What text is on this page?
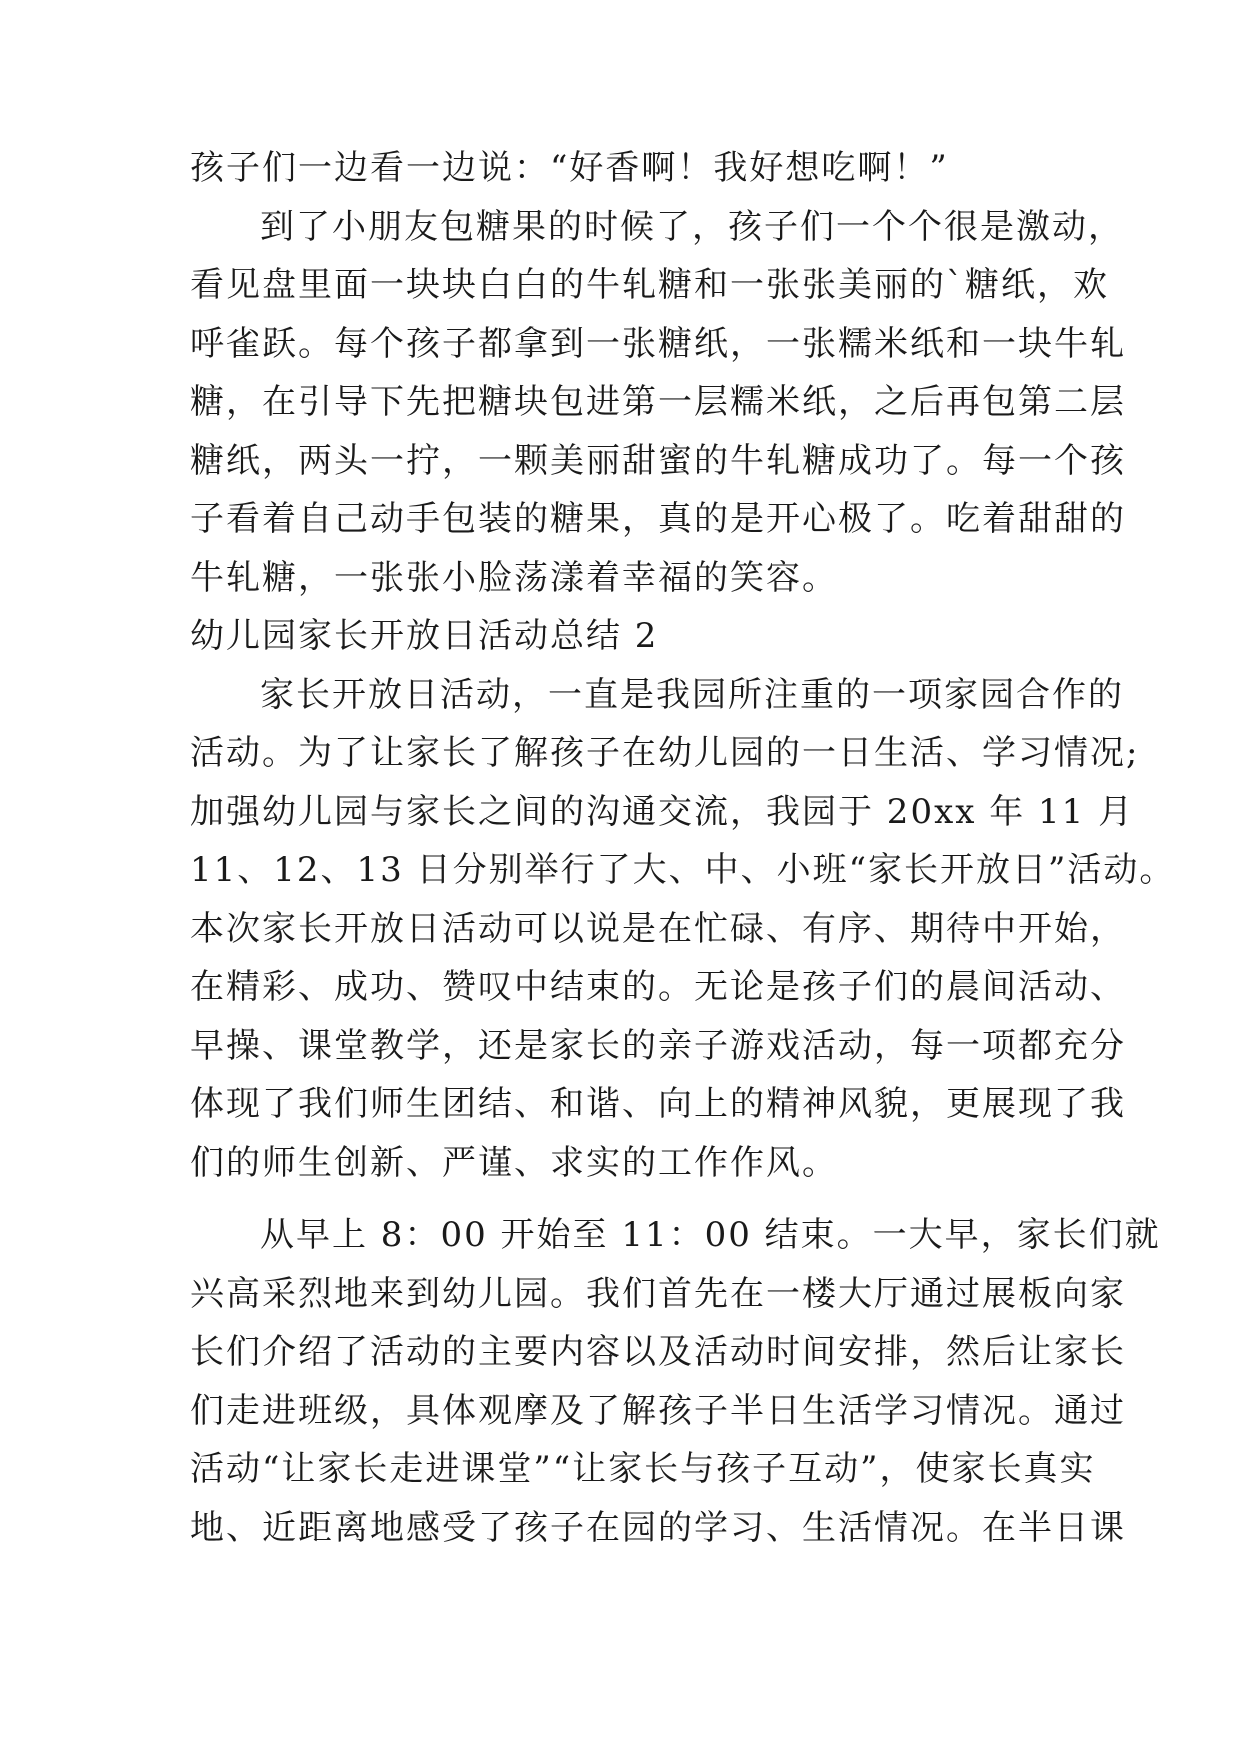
孩子们一边看一边说：“好香啊！我好想吃啊！”
到了小朋友包糖果的时候了，孩子们一个个很是激动，
看见盘里面一块块白白的牛轧糖和一张张美丽的`糖纸，欢
呼雀跃。每个孩子都拿到一张糖纸，一张糯米纸和一块牛轧
糖，在引导下先把糖块包进第一层糯米纸，之后再包第二层
糖纸，两头一拧，一颗美丽甜蜜的牛轧糖成功了。每一个孩
子看着自己动手包装的糖果，真的是开心极了。吃着甜甜的
牛轧糖，一张张小脸荡漾着幸福的笑容。
幼儿园家长开放日活动总结 2
家长开放日活动，一直是我园所注重的一项家园合作的
活动。为了让家长了解孩子在幼儿园的一日生活、学习情况;
加强幼儿园与家长之间的沟通交流，我园于 20xx 年 11 月
11、12、13 日分别举行了大、中、小班“家长开放日”活动。
本次家长开放日活动可以说是在忙碌、有序、期待中开始，
在精彩、成功、赞叹中结束的。无论是孩子们的晨间活动、
早操、课堂教学，还是家长的亲子游戏活动，每一项都充分
体现了我们师生团结、和谐、向上的精神风貌，更展现了我
们的师生创新、严谨、求实的工作作风。
从早上 8：00 开始至 11：00 结束。一大早，家长们就
兴高采烈地来到幼儿园。我们首先在一楼大厅通过展板向家
长们介绍了活动的主要内容以及活动时间安排，然后让家长
们走进班级，具体观摩及了解孩子半日生活学习情况。通过
活动“让家长走进课堂”“让家长与孩子互动”，使家长真实
地、近距离地感受了孩子在园的学习、生活情况。在半日课
